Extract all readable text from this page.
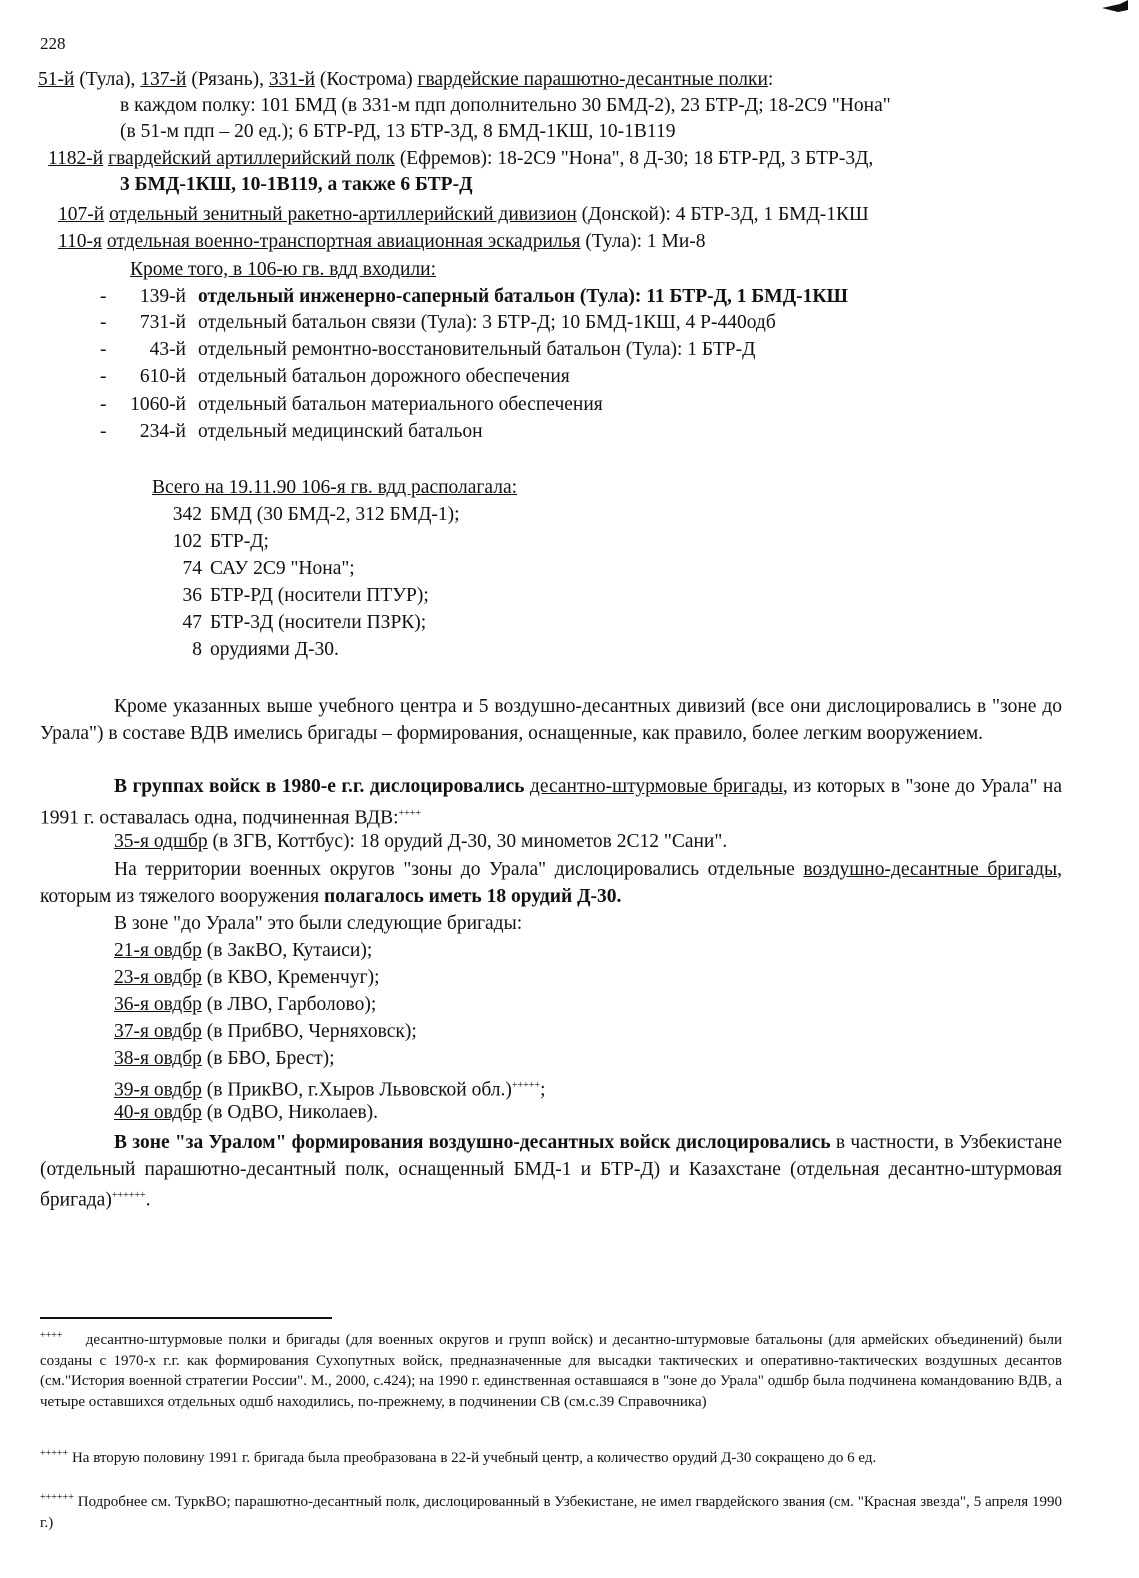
228
51-й (Тула), 137-й (Рязань), 331-й (Кострома) гвардейские парашютно-десантные полки:
в каждом полку: 101 БМД (в 331-м пдп дополнительно 30 БМД-2), 23 БТР-Д; 18-2С9 "Нона"
(в 51-м пдп – 20 ед.); 6 БТР-РД, 13 БТР-3Д, 8 БМД-1КШ, 10-1В119
1182-й гвардейский артиллерийский полк (Ефремов): 18-2С9 "Нона", 8 Д-30; 18 БТР-РД, 3 БТР-3Д,
3 БМД-1КШ, 10-1В119, а также 6 БТР-Д
107-й отдельный зенитный ракетно-артиллерийский дивизион (Донской): 4 БТР-3Д, 1 БМД-1КШ
110-я отдельная военно-транспортная авиационная эскадрилья (Тула): 1 Ми-8
Кроме того, в 106-ю гв. вдд входили:
- 139-й отдельный инженерно-саперный батальон (Тула): 11 БТР-Д, 1 БМД-1КШ
- 731-й отдельный батальон связи (Тула): 3 БТР-Д; 10 БМД-1КШ, 4 Р-440одб
- 43-й отдельный ремонтно-восстановительный батальон (Тула): 1 БТР-Д
- 610-й отдельный батальон дорожного обеспечения
- 1060-й отдельный батальон материального обеспечения
- 234-й отдельный медицинский батальон
Всего на 19.11.90 106-я гв. вдд располагала:
342 БМД (30 БМД-2, 312 БМД-1);
102 БТР-Д;
74 САУ 2С9 "Нона";
36 БТР-РД (носители ПТУР);
47 БТР-3Д (носители ПЗРК);
8 орудиями Д-30.
Кроме указанных выше учебного центра и 5 воздушно-десантных дивизий (все они дислоцировались в "зоне до Урала") в составе ВДВ имелись бригады – формирования, оснащенные, как правило, более легким вооружением.
В группах войск в 1980-е г.г. дислоцировались десантно-штурмовые бригады, из которых в "зоне до Урала" на 1991 г. оставалась одна, подчиненная ВДВ:++++
35-я одшбр (в ЗГВ, Коттбус): 18 орудий Д-30, 30 минометов 2С12 "Сани".
На территории военных округов "зоны до Урала" дислоцировались отдельные воздушно-десантные бригады, которым из тяжелого вооружения полагалось иметь 18 орудий Д-30.
В зоне "до Урала" это были следующие бригады:
21-я овдбр (в ЗакВО, Кутаиси);
23-я овдбр (в КВО, Кременчуг);
36-я овдбр (в ЛВО, Гарболово);
37-я овдбр (в ПрибВО, Черняховск);
38-я овдбр (в БВО, Брест);
39-я овдбр (в ПрикВО, г.Хыров Львовской обл.)+++++;
40-я овдбр (в ОдВО, Николаев).
В зоне "за Уралом" формирования воздушно-десантных войск дислоцировались в частности, в Узбекистане (отдельный парашютно-десантный полк, оснащенный БМД-1 и БТР-Д) и Казахстане (отдельная десантно-штурмовая бригада)++++++.
++++ десантно-штурмовые полки и бригады (для военных округов и групп войск) и десантно-штурмовые батальоны (для армейских объединений) были созданы с 1970-х г.г. как формирования Сухопутных войск, предназначенные для высадки тактических и оперативно-тактических воздушных десантов (см."История военной стратегии России". М., 2000, с.424); на 1990 г. единственная оставшаяся в "зоне до Урала" одшбр была подчинена командованию ВДВ, а четыре оставшихся отдельных одшб находились, по-прежнему, в подчинении СВ (см.с.39 Справочника)
+++++ На вторую половину 1991 г. бригада была преобразована в 22-й учебный центр, а количество орудий Д-30 сокращено до 6 ед.
++++++ Подробнее см. ТуркВО; парашютно-десантный полк, дислоцированный в Узбекистане, не имел гвардейского звания (см. "Красная звезда", 5 апреля 1990 г.)
